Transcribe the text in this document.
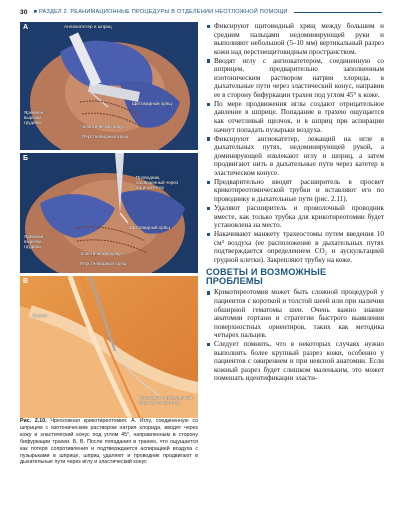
30 ■ РАЗДЕЛ 2. РЕАНИМАЦИОННЫЕ ПРОЦЕДУРЫ В ОТДЕЛЕНИИ НЕОТЛОЖНОЙ ПОМОЩИ
A	Ангиокатетер и шприц
Щитовидный хрящ
Яремная вырезка грудины
Эластический конус
Перстневидный хрящ
Б
Проводник, проведенный через ангиокатетер
Щитовидный хрящ
Яремная вырезка грудины
Эластический конус
Перстневидный хрящ
В
Трахея
Проводник, проведенный через ангиокатетер
Рис. 2.10. Чрескожная крикотиреотомия. А. Иглу, соединенную со шприцем с изотоническим раствором натрия хлорида, вводят через кожу и эластический конус под углом 45°, направленным в сторону бифуркации трахеи. Б, В. После попадания в трахею, что ощущается как потеря сопротивления и подтверждается аспирацией воздуха с пузырьками в шприце, шприц удаляют и проводник продвигают в дыхательные пути через иглу и эластический конус
Фиксируют щитовидный хрящ между большим и средним пальцами недоминирующей руки и выполняют небольшой (5–10 мм) вертикальный разрез кожи над перстнещитовидным пространством.
Вводят иглу с ангиокатетером, соединенную со шприцем, предварительно заполненным изотоническим раствором натрия хлорида, в дыхательные пути через эластический конус, направив ее в сторону бифуркации трахеи под углом 45° к коже.
По мере продвижения иглы создают отрицательное давление в шприце. Попадание в трахею ощущается как отчетливый щелчок, и в шприц при аспирации начнут попадать пузырьки воздуха.
Фиксируют ангиокатетер, лежащий на игле в дыхательных путях, недоминирующей рукой, а доминирующей извлекают иглу и шприц, а затем продвигают нить в дыхательные пути через катетер в эластическом конусе.
Предварительно вводят расширитель в просвет крикотиреотомической трубки и вставляют его по проводнику в дыхательные пути (рис. 2.11).
Удаляют расширитель и проволочный проводник вместе, как только трубка для крикотиреотомии будет установлена на место.
Накачивают манжету трахеостомы путем введения 10 см³ воздуха (ее расположение в дыхательных путях подтверждается определением CO₂ и аускультацией грудной клетки). Закрепляют трубку на коже.
СОВЕТЫ И ВОЗМОЖНЫЕ ПРОБЛЕМЫ
Крикотиреотомия может быть сложной процедурой у пациентов с короткой и толстой шеей или при наличии обширной гематомы шеи. Очень важно знание анатомии гортани и стратегии быстрого выявления поверхностных ориентиров, таких как методика четырех пальцев.
Следует помнить, что в некоторых случаях нужно выполнять более крупный разрез кожи, особенно у пациентов с ожирением и при неясной анатомии. Если кожный разрез будет слишком маленьким, это может помешать идентификации эласти-
